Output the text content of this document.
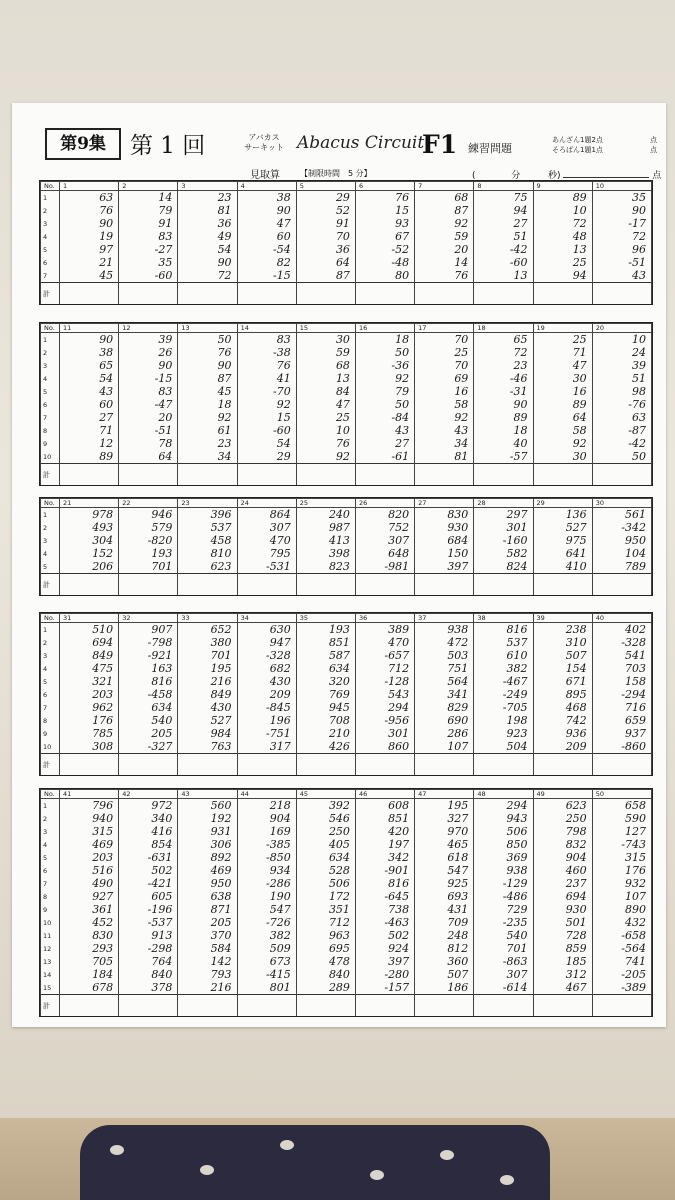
第9集	第 1 回	アバカス
サーキット Abacus Circuit
F1 練習問題
点
あんざん1題2点
点
そろばん1題1点
見取算	【制限時間　5 分】	(	分	秒)	点
No.	1	2	3	4	5	6	7	8	9	10
1	63	14	23	38	29	76	68	75	89	35
2	76	79	81	90	52	15	87	94	10	90
3	90	91	36	47	91	93	92	27	72	-17
4	19	83	49	60	70	67	59	51	48	72
5	97	-27	54	-54	36	-52	20	-42	13	96
6	21	35	90	82	64	-48	14	-60	25	-51
7	45	-60	72	-15	87	80	76	13	94	43
計										
No.	11	12	13	14	15	16	17	18	19	20
1	90	39	50	83	30	18	70	65	25	10
2	38	26	76	-38	59	50	25	72	71	24
3	65	90	90	76	68	-36	70	23	47	39
4	54	-15	87	41	13	92	69	-46	30	51
5	43	83	45	-70	84	79	16	-31	16	98
6	60	-47	18	92	47	50	58	90	89	-76
7	27	20	92	15	25	-84	92	89	64	63
8	71	-51	61	-60	10	43	43	18	58	-87
9	12	78	23	54	76	27	34	40	92	-42
10	89	64	34	29	92	-61	81	-57	30	50
計										
No.	21	22	23	24	25	26	27	28	29	30
1	978	946	396	864	240	820	830	297	136	561
2	493	579	537	307	987	752	930	301	527	-342
3	304	-820	458	470	413	307	684	-160	975	950
4	152	193	810	795	398	648	150	582	641	104
5	206	701	623	-531	823	-981	397	824	410	789
計										
No.	31	32	33	34	35	36	37	38	39	40
1	510	907	652	630	193	389	938	816	238	402
2	694	-798	380	947	851	470	472	537	310	-328
3	849	-921	701	-328	587	-657	503	610	507	541
4	475	163	195	682	634	712	751	382	154	703
5	321	816	216	430	320	-128	564	-467	671	158
6	203	-458	849	209	769	543	341	-249	895	-294
7	962	634	430	-845	945	294	829	-705	468	716
8	176	540	527	196	708	-956	690	198	742	659
9	785	205	984	-751	210	301	286	923	936	937
10	308	-327	763	317	426	860	107	504	209	-860
計										
No.	41	42	43	44	45	46	47	48	49	50
1	796	972	560	218	392	608	195	294	623	658
2	940	340	192	904	546	851	327	943	250	590
3	315	416	931	169	250	420	970	506	798	127
4	469	854	306	-385	405	197	465	850	832	-743
5	203	-631	892	-850	634	342	618	369	904	315
6	516	502	469	934	528	-901	547	938	460	176
7	490	-421	950	-286	506	816	925	-129	237	932
8	927	605	638	190	172	-645	693	-486	694	107
9	361	-196	871	547	351	738	431	729	930	890
10	452	-537	205	-726	712	-463	709	-235	501	432
11	830	913	370	382	963	502	248	540	728	-658
12	293	-298	584	509	695	924	812	701	859	-564
13	705	764	142	673	478	397	360	-863	185	741
14	184	840	793	-415	840	-280	507	307	312	-205
15	678	378	216	801	289	-157	186	-614	467	-389
計										
